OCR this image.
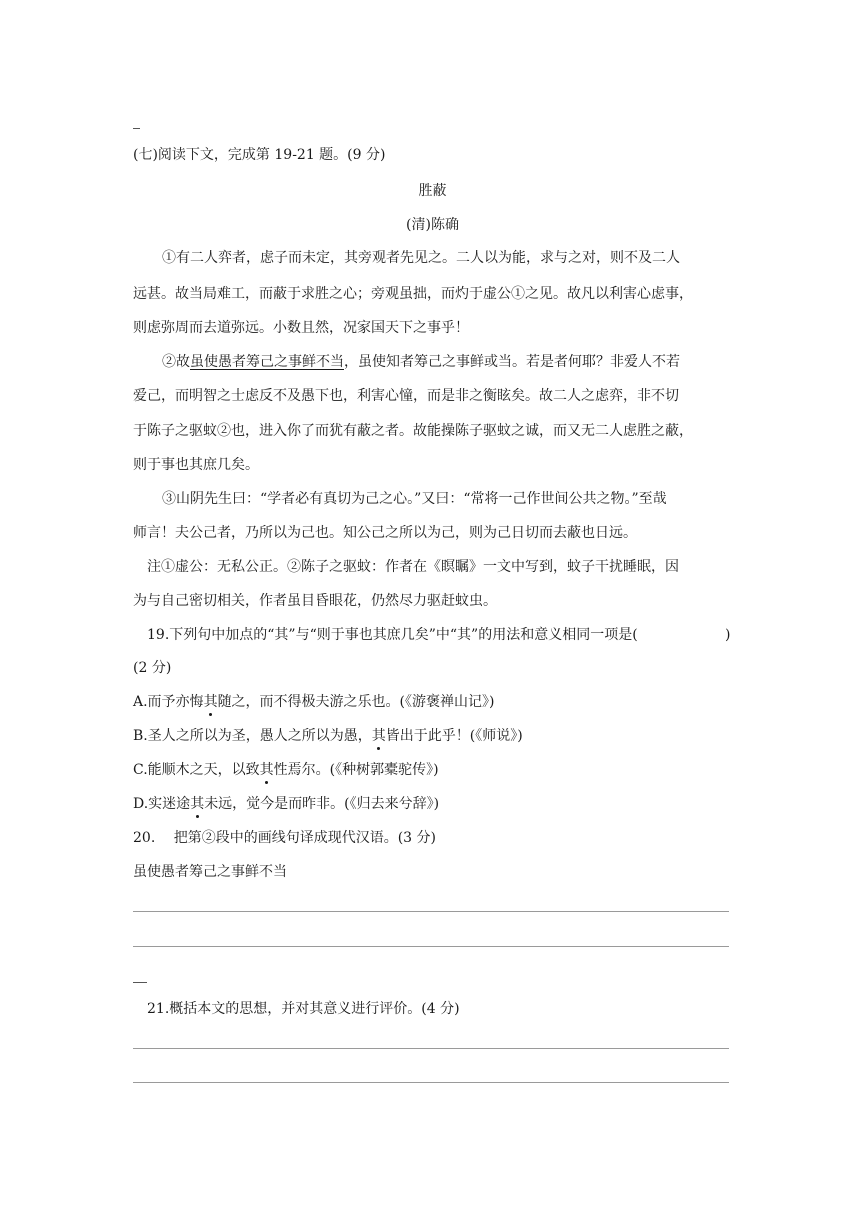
(七)阅读下文，完成第 19-21 题。(9 分)
胜蔽
(清)陈确
①有二人弈者，虑子而未定，其旁观者先见之。二人以为能，求与之对，则不及二人
远甚。故当局难工，而蔽于求胜之心；旁观虽拙，而灼于虚公①之见。故凡以利害心虑事，
则虑弥周而去道弥远。小数且然，况家国天下之事乎！
②故虽使愚者筹己之事鲜不当，虽使知者筹己之事鲜或当。若是者何耶？非爱人不若
爱己，而明智之士虑反不及愚下也，利害心憧，而是非之衡眩矣。故二人之虑弈，非不切
于陈子之驱蚊②也，进入你了而犹有蔽之者。故能操陈子驱蚊之诚，而又无二人虑胜之蔽，
则于事也其庶几矣。
③山阴先生曰：“学者必有真切为己之心。”又曰：“常将一己作世间公共之物。”至哉
师言！夫公己者，乃所以为己也。知公己之所以为己，则为己日切而去蔽也日远。
注①虚公：无私公正。②陈子之驱蚊：作者在《瞑瞩》一文中写到，蚊子干扰睡眠，因
为与自己密切相关，作者虽目昏眼花，仍然尽力驱赶蚊虫。
19.下列句中加点的“其”与“则于事也其庶几矣”中“其”的用法和意义相同一项是(	)
(2 分)
A.而予亦悔其随之，而不得极夫游之乐也。(《游褒禅山记》)
B.圣人之所以为圣，愚人之所以为愚，其皆出于此乎！(《师说》)
C.能顺木之天，以致其性焉尔。(《种树郭橐驼传》)
D.实迷途其未远，觉今是而昨非。(《归去来兮辞》)
20.　 把第②段中的画线句译成现代汉语。(3 分)
虽使愚者筹己之事鲜不当
21.概括本文的思想，并对其意义进行评价。(4 分)
